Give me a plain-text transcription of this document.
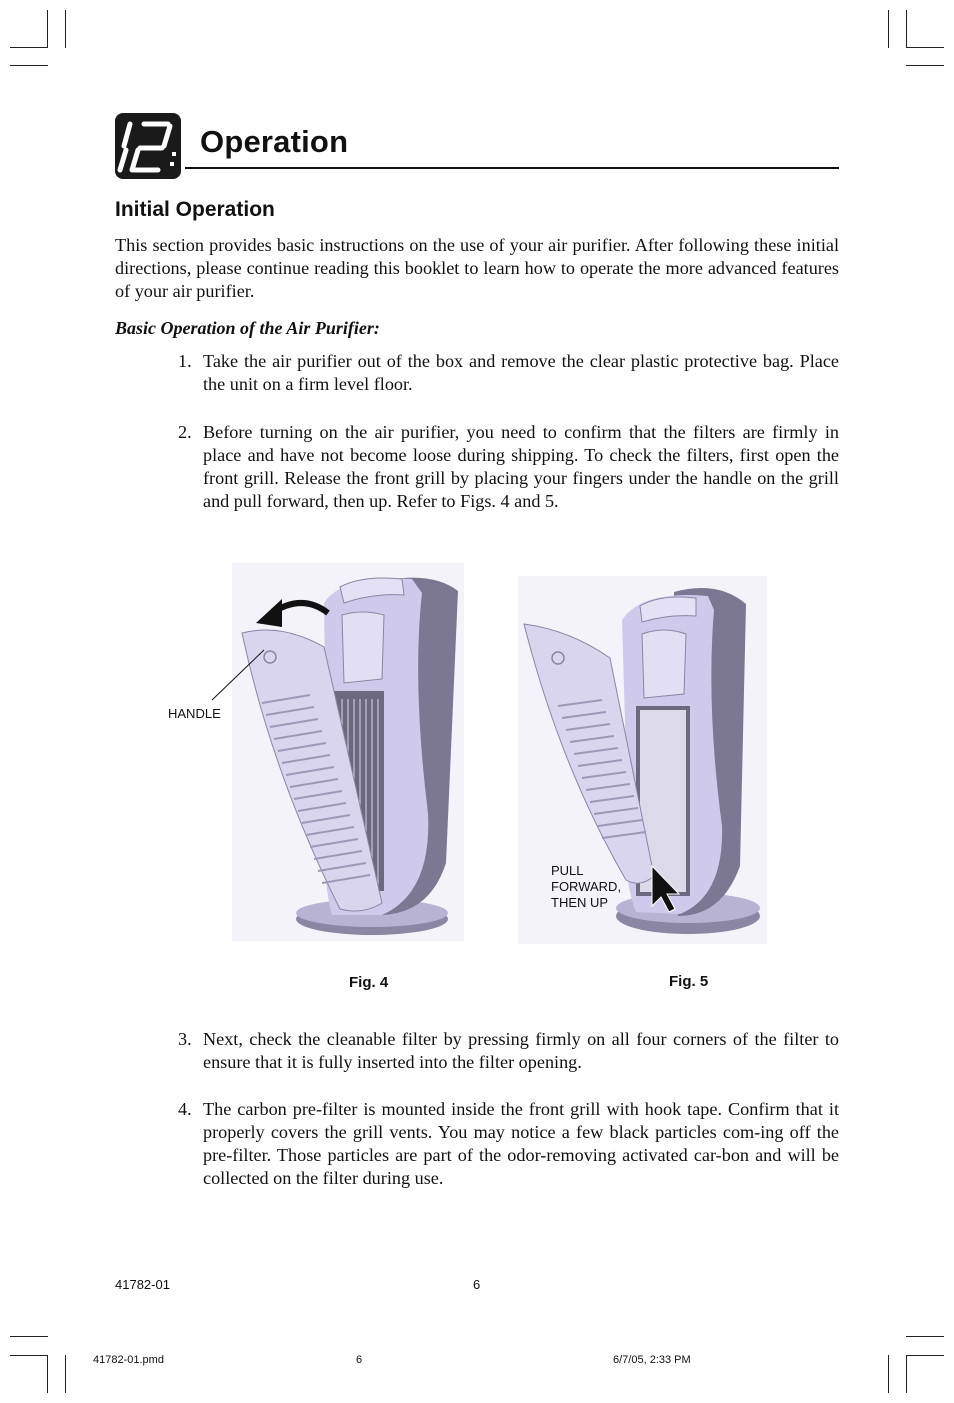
Operation
Initial Operation
This section provides basic instructions on the use of your air purifier. After following these initial directions, please continue reading this booklet to learn how to operate the more advanced features of your air purifier.
Basic Operation of the Air Purifier:
1. Take the air purifier out of the box and remove the clear plastic protective bag. Place the unit on a firm level floor.
2. Before turning on the air purifier, you need to confirm that the filters are firmly in place and have not become loose during shipping. To check the filters, first open the front grill. Release the front grill by placing your fingers under the handle on the grill and pull forward, then up. Refer to Figs. 4 and 5.
HANDLE
Fig. 4
PULL
FORWARD,
THEN UP
Fig. 5
3. Next, check the cleanable filter by pressing firmly on all four corners of the filter to ensure that it is fully inserted into the filter opening.
4. The carbon pre-filter is mounted inside the front grill with hook tape. Confirm that it properly covers the grill vents. You may notice a few black particles com-ing off the pre-filter. Those particles are part of the odor-removing activated car-bon and will be collected on the filter during use.
41782-01	6
41782-01.pmd	6	6/7/05, 2:33 PM
